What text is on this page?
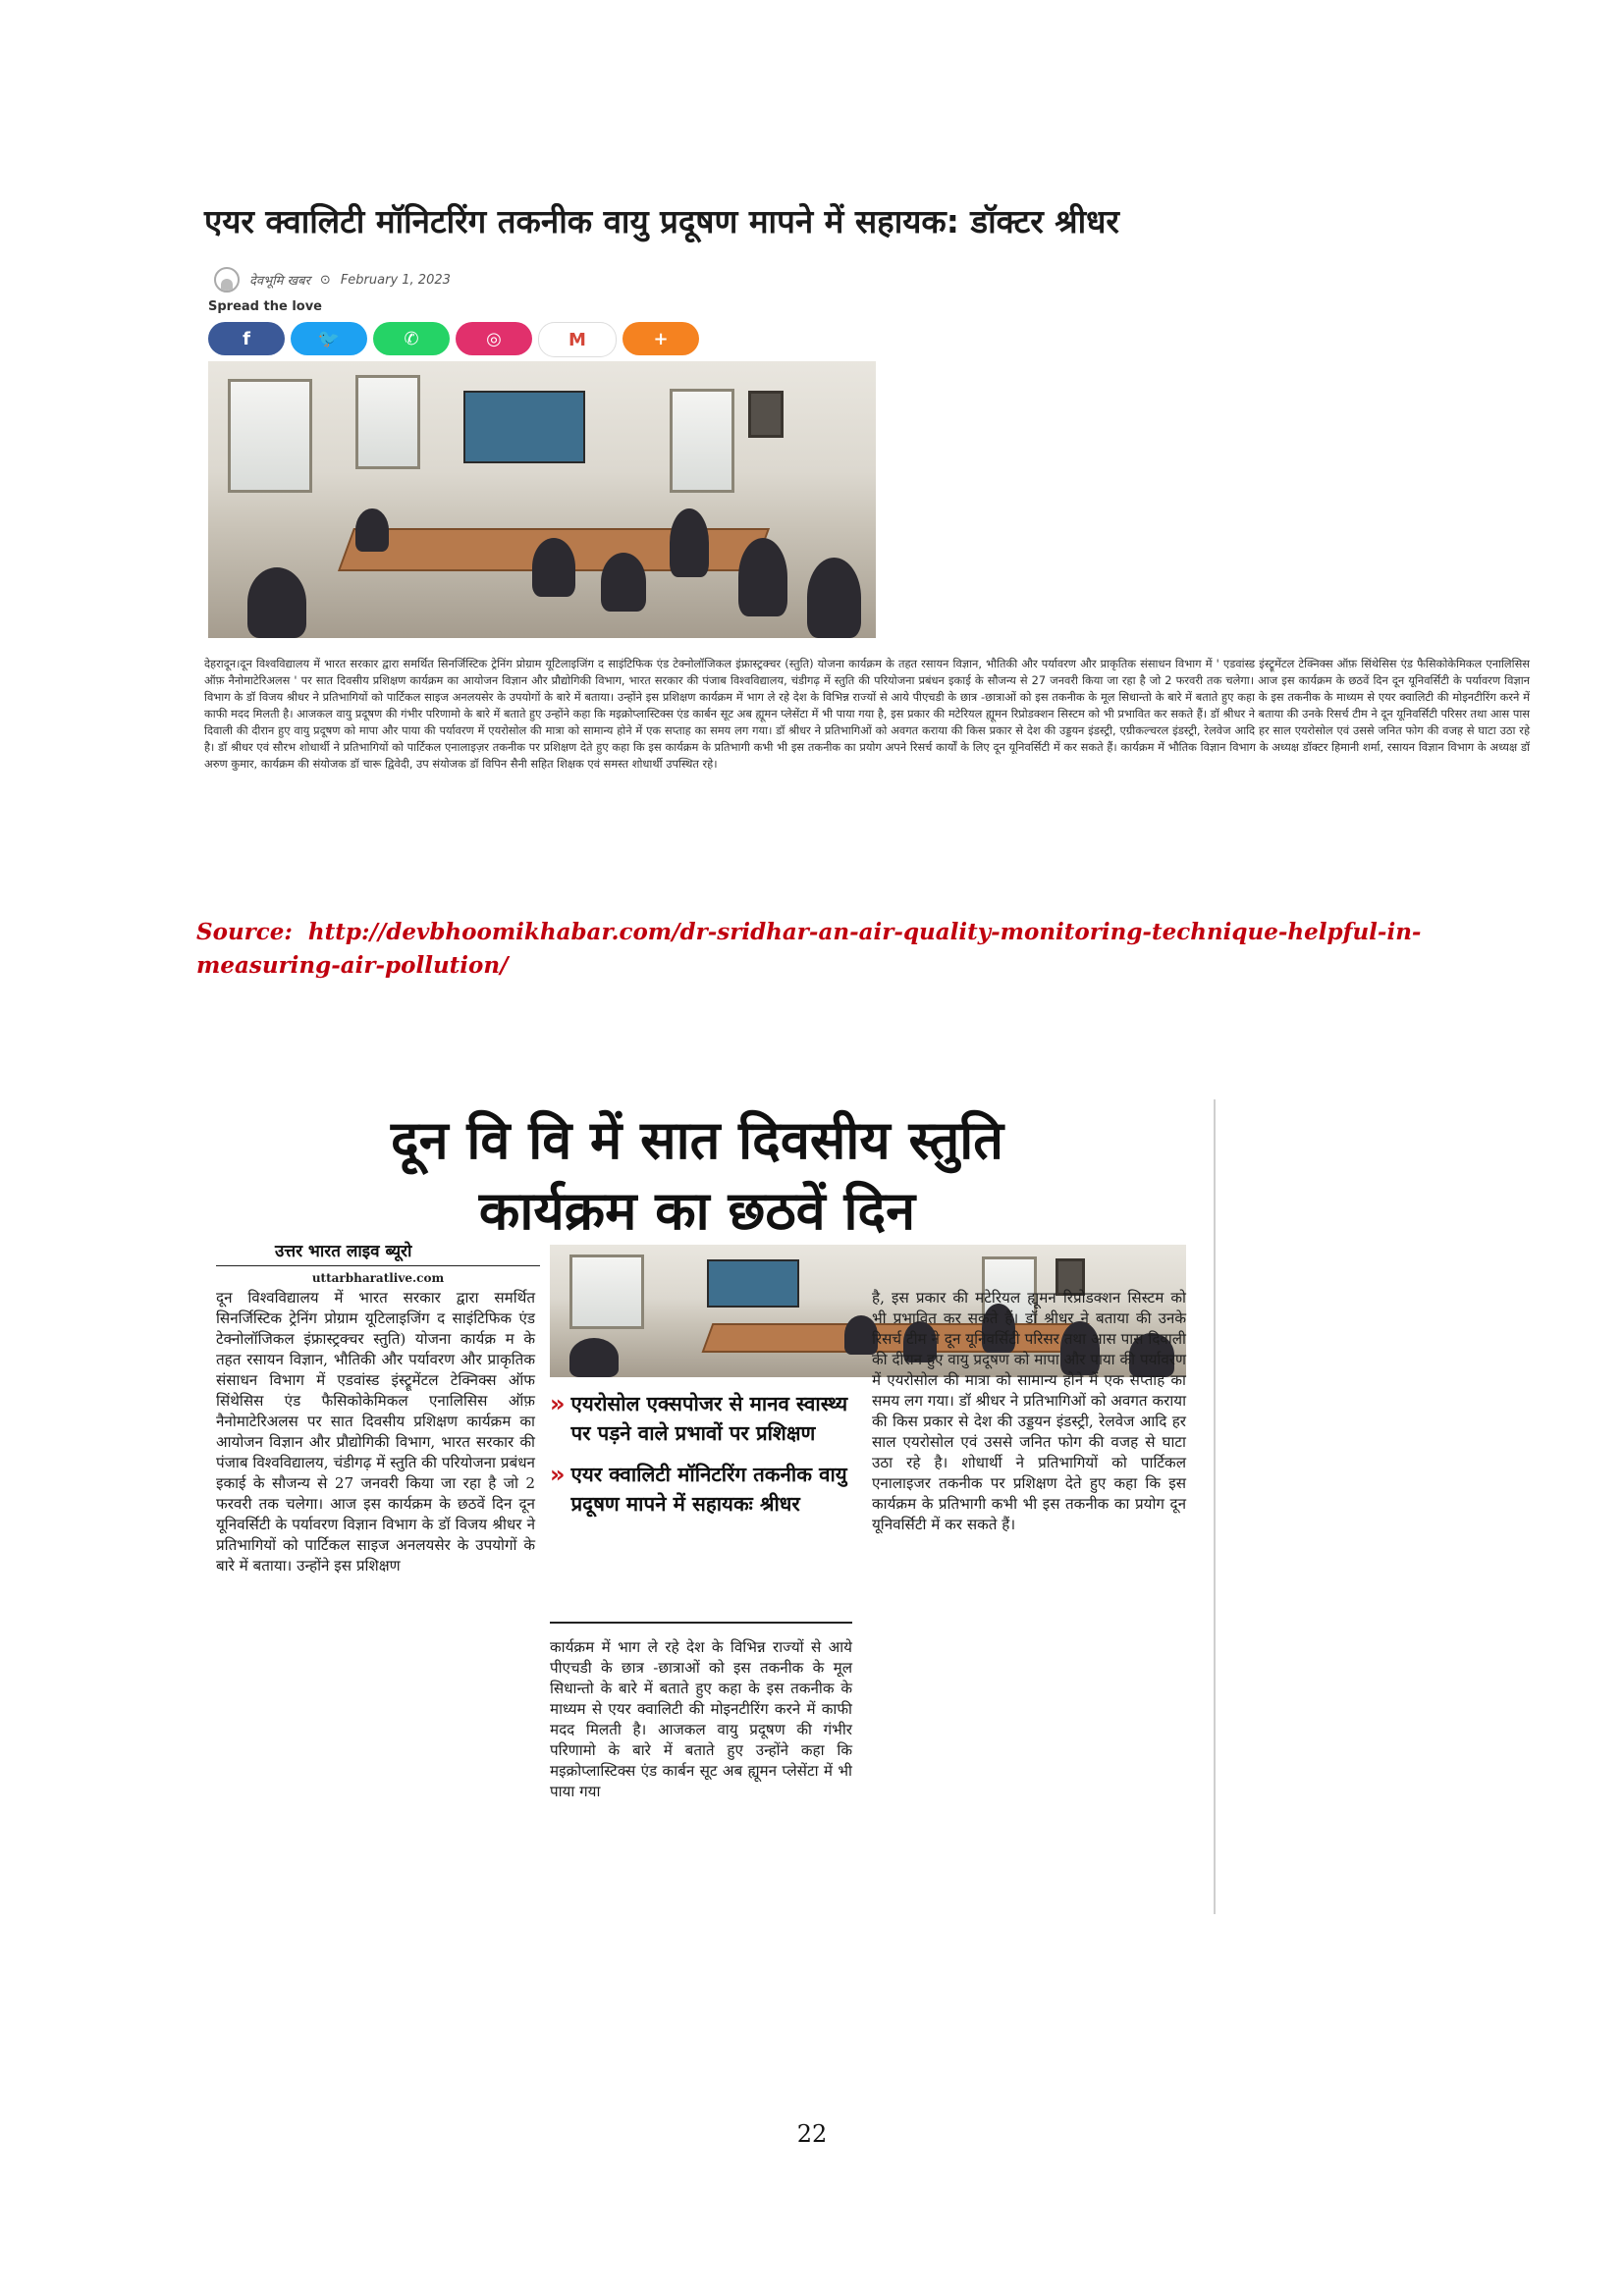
एयर क्वालिटी मॉनिटरिंग तकनीक वायु प्रदूषण मापने में सहायक: डॉक्टर श्रीधर
देवभूमि खबर ⊙ February 1, 2023
Spread the love
f	🐦	✆	◎	M	+
देहरादून।दून विश्वविद्यालय में भारत सरकार द्वारा समर्थित सिनर्जिस्टिक ट्रेनिंग प्रोग्राम यूटिलाइजिंग द साइंटिफिक एंड टेक्नोलॉजिकल इंफ्रास्ट्रक्चर (स्तुति) योजना कार्यक्रम के तहत रसायन विज्ञान, भौतिकी और पर्यावरण और प्राकृतिक संसाधन विभाग में ' एडवांस्ड इंस्ट्रूमेंटल टेक्निक्स ऑफ़ सिंथेसिस एंड फैसिकोकेमिकल एनालिसिस ऑफ़ नैनोमाटेरिअलस ' पर सात दिवसीय प्रशिक्षण कार्यक्रम का आयोजन विज्ञान और प्रौद्योगिकी विभाग, भारत सरकार की पंजाब विश्वविद्यालय, चंडीगढ़ में स्तुति की परियोजना प्रबंधन इकाई के सौजन्य से 27 जनवरी किया जा रहा है जो 2 फरवरी तक चलेगा। आज इस कार्यक्रम के छठवें दिन दून यूनिवर्सिटी के पर्यावरण विज्ञान विभाग के डॉ विजय श्रीधर ने प्रतिभागियों को पार्टिकल साइज अनलयसेर के उपयोगों के बारे में बताया। उन्होंने इस प्रशिक्षण कार्यक्रम में भाग ले रहे देश के विभिन्न राज्यों से आये पीएचडी के छात्र -छात्राओं को इस तकनीक के मूल सिधान्तो के बारे में बताते हुए कहा के इस तकनीक के माध्यम से एयर क्वालिटी की मोइनटीरिंग करने में काफी मदद मिलती है। आजकल वायु प्रदूषण की गंभीर परिणामो के बारे में बताते हुए उन्होंने कहा कि मइक्रोप्लास्टिक्स एंड कार्बन सूट अब ह्यूमन प्लेसेंटा में भी पाया गया है, इस प्रकार की मटेरियल ह्यूमन रिप्रोडक्शन सिस्टम को भी प्रभावित कर सकते हैं। डॉ श्रीधर ने बताया की उनके रिसर्च टीम ने दून यूनिवर्सिटी परिसर तथा आस पास दिवाली की दीरान हुए वायु प्रदूषण को मापा और पाया की पर्यावरण में एयरोसोल की मात्रा को सामान्य होने में एक सप्ताह का समय लग गया। डॉ श्रीधर ने प्रतिभागिओं को अवगत कराया की किस प्रकार से देश की उड्डयन इंडस्ट्री, एग्रीकल्चरल इंडस्ट्री, रेलवेज आदि हर साल एयरोसोल एवं उससे जनित फोग की वजह से घाटा उठा रहे है। डॉ श्रीधर एवं सौरभ शोधार्थी ने प्रतिभागियों को पार्टिकल एनालाइज़र तकनीक पर प्रशिक्षण देते हुए कहा कि इस कार्यक्रम के प्रतिभागी कभी भी इस तकनीक का प्रयोग अपने रिसर्च कार्यों के लिए दून यूनिवर्सिटी में कर सकते हैं। कार्यक्रम में भौतिक विज्ञान विभाग के अध्यक्ष डॉक्टर हिमानी शर्मा, रसायन विज्ञान विभाग के अध्यक्ष डॉ अरुण कुमार, कार्यक्रम की संयोजक डॉ चारू द्विवेदी, उप संयोजक डॉ विपिन सैनी सहित शिक्षक एवं समस्त शोधार्थी उपस्थित रहे।
Source: http://devbhoomikhabar.com/dr-sridhar-an-air-quality-monitoring-technique-helpful-in-measuring-air-pollution/
दून वि वि में सात दिवसीय स्तुति
कार्यक्रम का छठवें दिन
उत्तर भारत लाइव ब्यूरो
uttarbharatlive.com
दून विश्वविद्यालय में भारत सरकार द्वारा समर्थित सिनर्जिस्टिक ट्रेनिंग प्रोग्राम यूटिलाइजिंग द साइंटिफिक एंड टेक्नोलॉजिकल इंफ्रास्ट्रक्चर स्तुति) योजना कार्यक्र म के तहत रसायन विज्ञान, भौतिकी और पर्यावरण और प्राकृतिक संसाधन विभाग में एडवांस्ड इंस्ट्रूमेंटल टेक्निक्स ऑफ सिंथेसिस एंड फैसिकोकेमिकल एनालिसिस ऑफ़ नैनोमाटेरिअलस पर सात दिवसीय प्रशिक्षण कार्यक्रम का आयोजन विज्ञान और प्रौद्योगिकी विभाग, भारत सरकार की पंजाब विश्वविद्यालय, चंडीगढ़ में स्तुति की परियोजना प्रबंधन इकाई के सौजन्य से 27 जनवरी किया जा रहा है जो 2 फरवरी तक चलेगा। आज इस कार्यक्रम के छठवें दिन दून यूनिवर्सिटी के पर्यावरण विज्ञान विभाग के डॉ विजय श्रीधर ने प्रतिभागियों को पार्टिकल साइज अनलयसेर के उपयोगों के बारे में बताया। उन्होंने इस प्रशिक्षण
» एयरोसोल एक्सपोजर से मानव स्वास्थ्य पर पड़ने वाले प्रभावों पर प्रशिक्षण
» एयर क्वालिटी मॉनिटरिंग तकनीक वायु प्रदूषण मापने में सहायकः श्रीधर
कार्यक्रम में भाग ले रहे देश के विभिन्न राज्यों से आये पीएचडी के छात्र -छात्राओं को इस तकनीक के मूल सिधान्तो के बारे में बताते हुए कहा के इस तकनीक के माध्यम से एयर क्वालिटी की मोइनटीरिंग करने में काफी मदद मिलती है। आजकल वायु प्रदूषण की गंभीर परिणामो के बारे में बताते हुए उन्होंने कहा कि मइक्रोप्लास्टिक्स एंड कार्बन सूट अब ह्यूमन प्लेसेंटा में भी पाया गया
है, इस प्रकार की मटेरियल ह्यूमन रिप्रोडक्शन सिस्टम को भी प्रभावित कर सकते हैं। डॉ श्रीधर ने बताया की उनके रिसर्च टीम ने दून यूनिवर्सिटी परिसर तथा आस पास दिवाली की दीरान हुए वायु प्रदूषण को मापा और पाया की पर्यावरण में एयरोसोल की मात्रा को सामान्य होने में एक सप्ताह का समय लग गया। डॉ श्रीधर ने प्रतिभागिओं को अवगत कराया की किस प्रकार से देश की उड्डयन इंडस्ट्री, रेलवेज आदि हर साल एयरोसोल एवं उससे जनित फोग की वजह से घाटा उठा रहे है। शोधार्थी ने प्रतिभागियों को पार्टिकल एनालाइजर तकनीक पर प्रशिक्षण देते हुए कहा कि इस कार्यक्रम के प्रतिभागी कभी भी इस तकनीक का प्रयोग दून यूनिवर्सिटी में कर सकते हैं।
22
